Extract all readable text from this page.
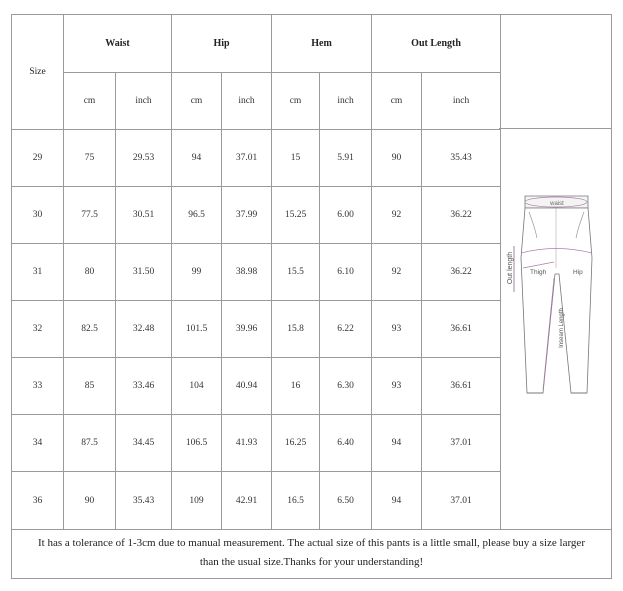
Size	Waist		Hip		Hem		Out Length	
	cm	inch	cm	inch	cm	inch	cm	inch
29	75	29.53	94	37.01	15	5.91	90	35.43
30	77.5	30.51	96.5	37.99	15.25	6.00	92	36.22
31	80	31.50	99	38.98	15.5	6.10	92	36.22
32	82.5	32.48	101.5	39.96	15.8	6.22	93	36.61
33	85	33.46	104	40.94	16	6.30	93	36.61
34	87.5	34.45	106.5	41.93	16.25	6.40	94	37.01
36	90	35.43	109	42.91	16.5	6.50	94	37.01
Out length
waist
Thigh	Hip
Inseam Length
It has a tolerance of 1-3cm due to manual measurement. The actual size of this pants is a little small, please buy a size larger
than the usual size.Thanks for your understanding!
